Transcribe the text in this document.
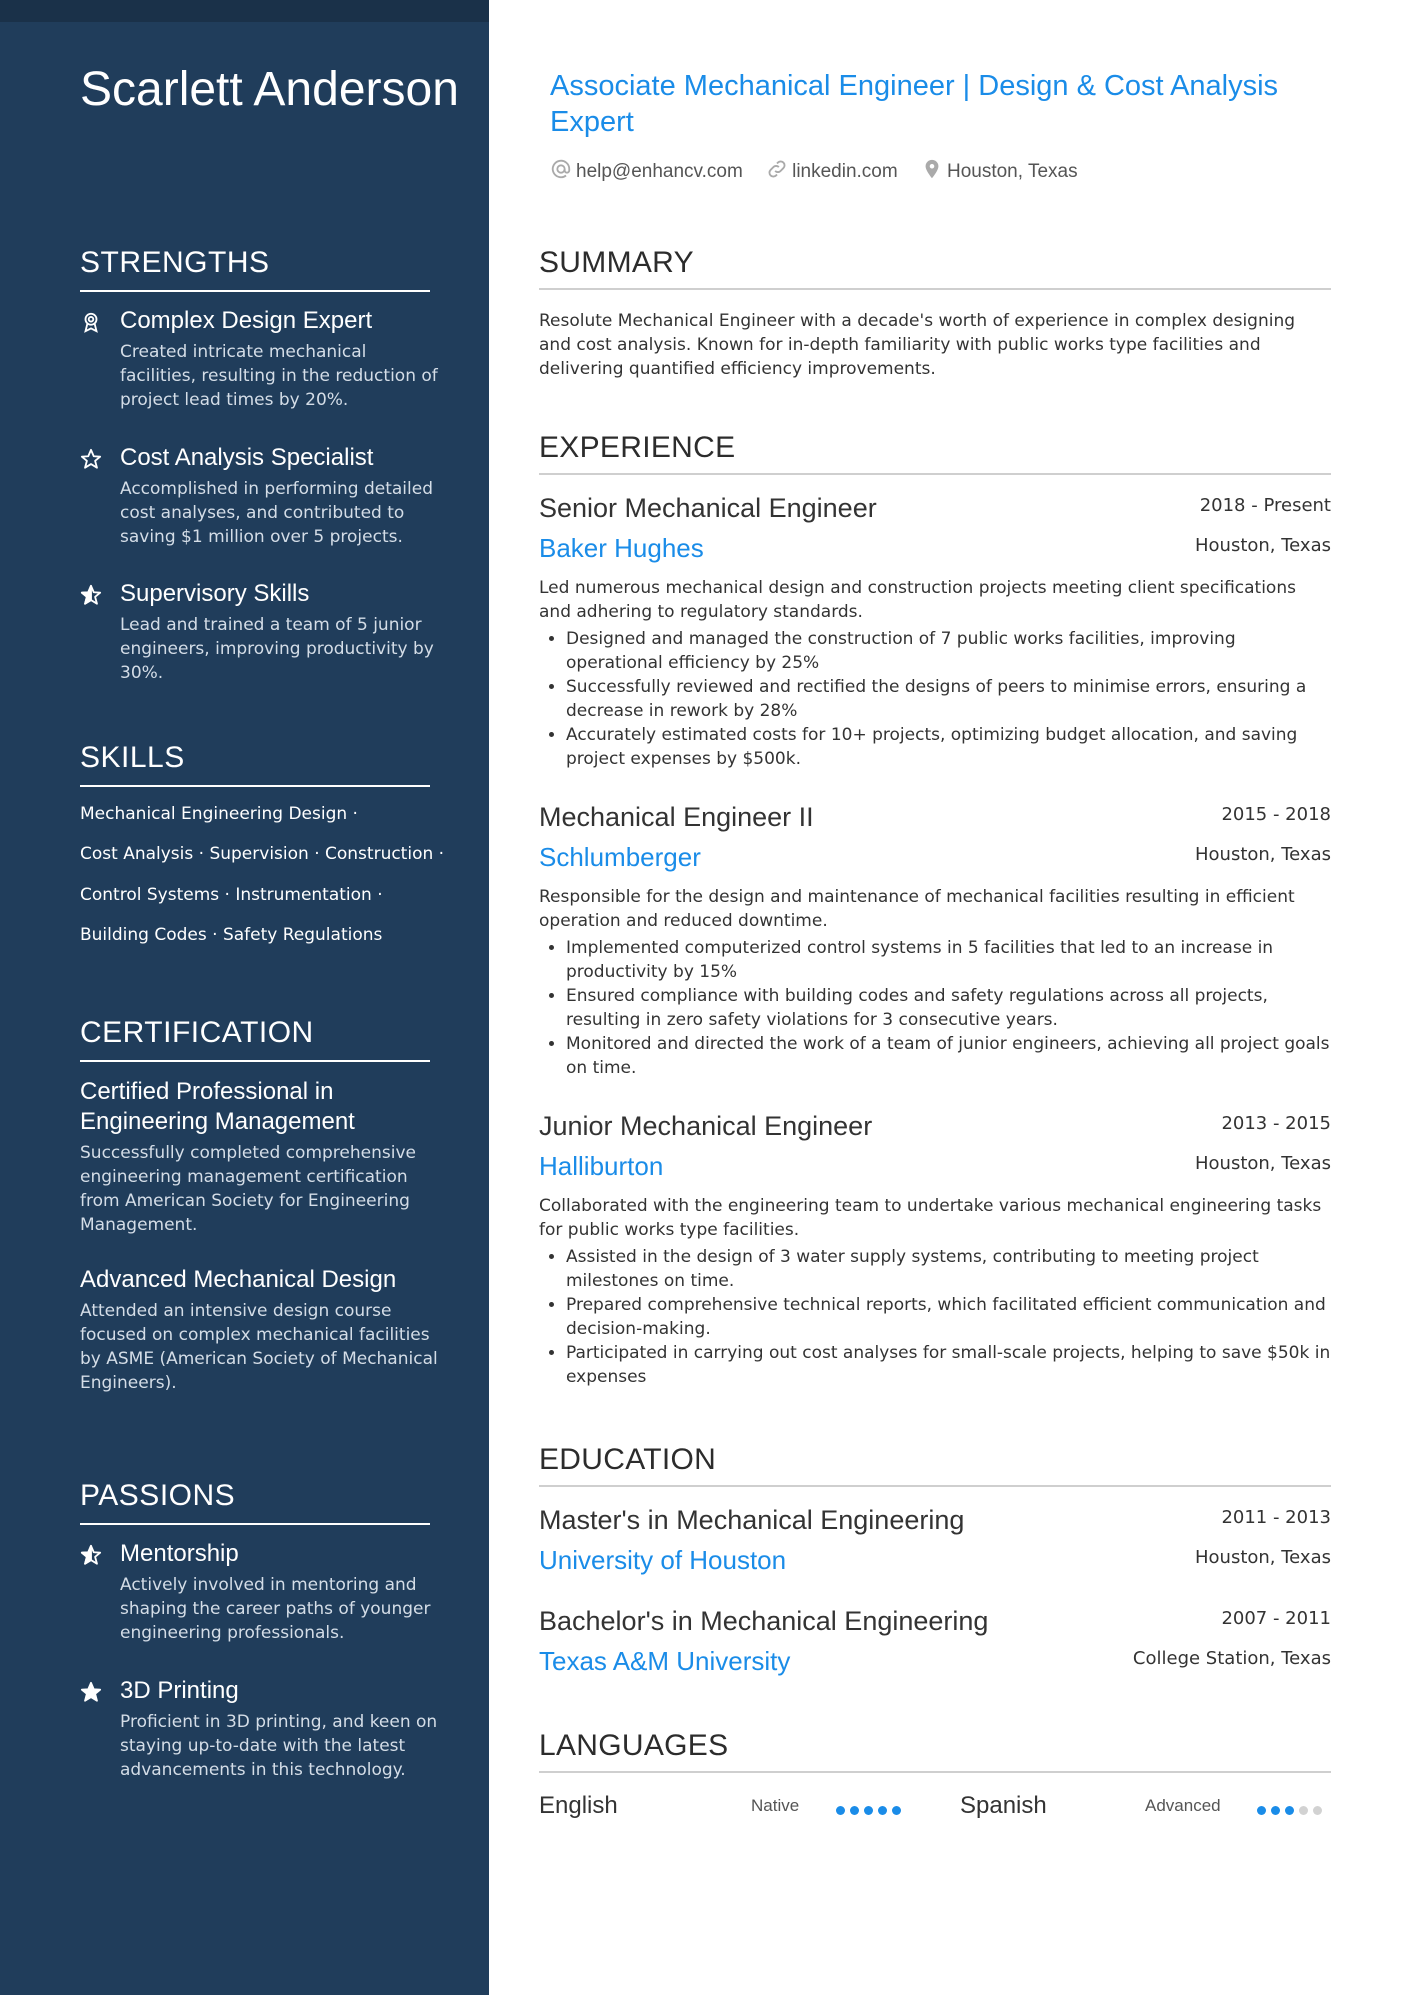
Scarlett Anderson
STRENGTHS
Complex Design Expert
Created intricate mechanical facilities, resulting in the reduction of project lead times by 20%.
Cost Analysis Specialist
Accomplished in performing detailed cost analyses, and contributed to saving $1 million over 5 projects.
Supervisory Skills
Lead and trained a team of 5 junior engineers, improving productivity by 30%.
SKILLS
Mechanical Engineering Design ·
Cost Analysis · Supervision · Construction ·
Control Systems · Instrumentation ·
Building Codes · Safety Regulations
CERTIFICATION
Certified Professional in Engineering Management
Successfully completed comprehensive engineering management certification from American Society for Engineering Management.
Advanced Mechanical Design
Attended an intensive design course focused on complex mechanical facilities by ASME (American Society of Mechanical Engineers).
PASSIONS
Mentorship
Actively involved in mentoring and shaping the career paths of younger engineering professionals.
3D Printing
Proficient in 3D printing, and keen on staying up-to-date with the latest advancements in this technology.
Associate Mechanical Engineer | Design & Cost Analysis Expert
help@enhancv.com	linkedin.com	Houston, Texas
SUMMARY
Resolute Mechanical Engineer with a decade's worth of experience in complex designing and cost analysis. Known for in-depth familiarity with public works type facilities and delivering quantified efficiency improvements.
EXPERIENCE
Senior Mechanical Engineer	2018 - Present
Baker Hughes	Houston, Texas
Led numerous mechanical design and construction projects meeting client specifications and adhering to regulatory standards.
• Designed and managed the construction of 7 public works facilities, improving operational efficiency by 25%
• Successfully reviewed and rectified the designs of peers to minimise errors, ensuring a decrease in rework by 28%
• Accurately estimated costs for 10+ projects, optimizing budget allocation, and saving project expenses by $500k.
Mechanical Engineer II	2015 - 2018
Schlumberger	Houston, Texas
Responsible for the design and maintenance of mechanical facilities resulting in efficient operation and reduced downtime.
• Implemented computerized control systems in 5 facilities that led to an increase in productivity by 15%
• Ensured compliance with building codes and safety regulations across all projects, resulting in zero safety violations for 3 consecutive years.
• Monitored and directed the work of a team of junior engineers, achieving all project goals on time.
Junior Mechanical Engineer	2013 - 2015
Halliburton	Houston, Texas
Collaborated with the engineering team to undertake various mechanical engineering tasks for public works type facilities.
• Assisted in the design of 3 water supply systems, contributing to meeting project milestones on time.
• Prepared comprehensive technical reports, which facilitated efficient communication and decision-making.
• Participated in carrying out cost analyses for small-scale projects, helping to save $50k in expenses
EDUCATION
Master's in Mechanical Engineering	2011 - 2013
University of Houston	Houston, Texas
Bachelor's in Mechanical Engineering	2007 - 2011
Texas A&M University	College Station, Texas
LANGUAGES
English	Native	Spanish	Advanced
